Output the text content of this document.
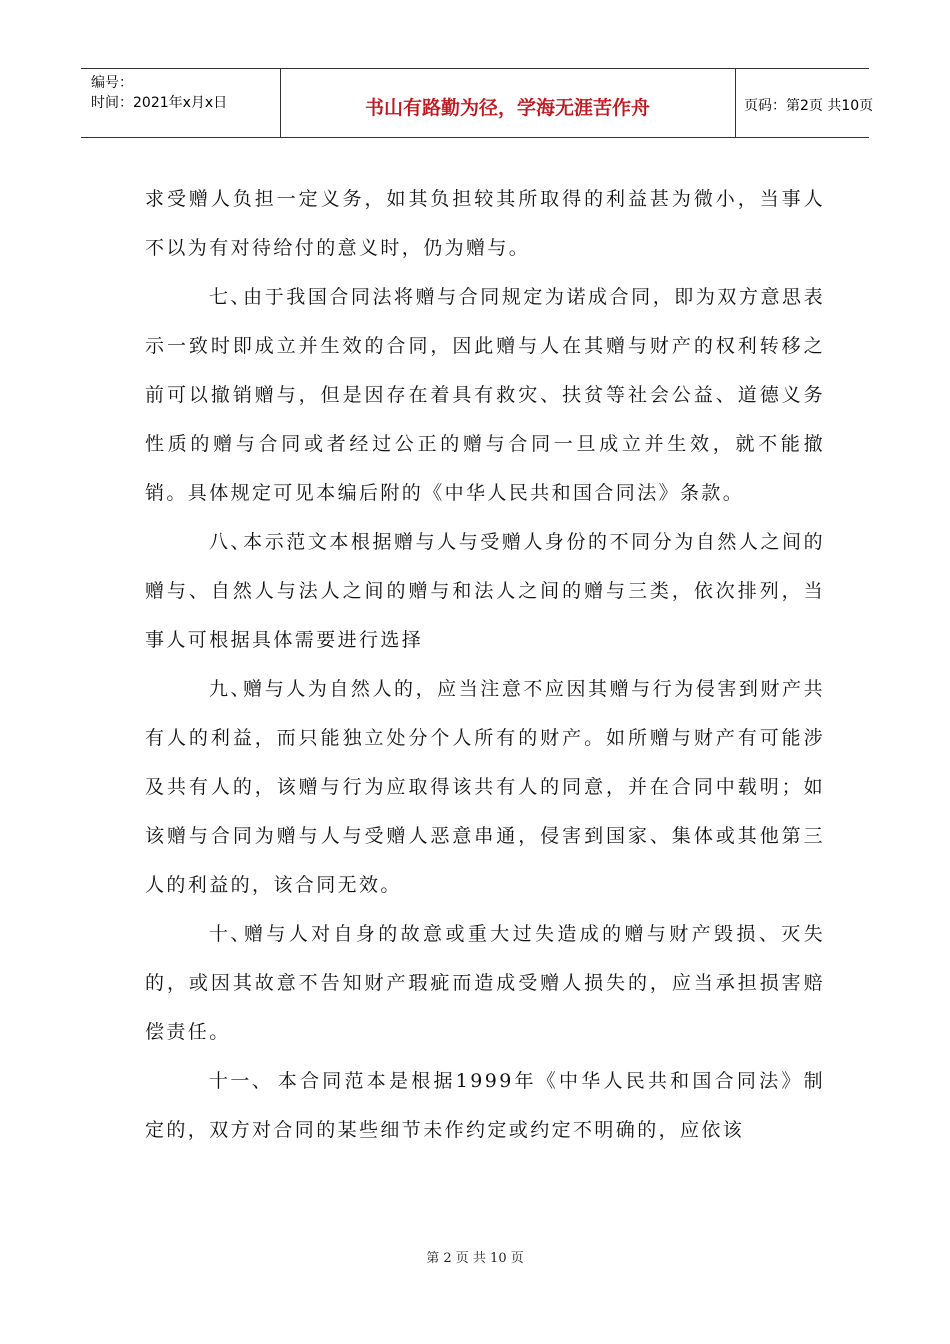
编号：
时间：2021年x月x日	书山有路勤为径，学海无涯苦作舟	页码：第2页 共10页

求受赠人负担一定义务，如其负担较其所取得的利益甚为微小，当事人不以为有对待给付的意义时，仍为赠与。

七、由于我国合同法将赠与合同规定为诺成合同，即为双方意思表示一致时即成立并生效的合同，因此赠与人在其赠与财产的权利转移之前可以撤销赠与，但是因存在着具有救灾、扶贫等社会公益、道德义务性质的赠与合同或者经过公正的赠与合同一旦成立并生效，就不能撤销。具体规定可见本编后附的《中华人民共和国合同法》条款。

八、本示范文本根据赠与人与受赠人身份的不同分为自然人之间的赠与、自然人与法人之间的赠与和法人之间的赠与三类，依次排列，当事人可根据具体需要进行选择

九、赠与人为自然人的，应当注意不应因其赠与行为侵害到财产共有人的利益，而只能独立处分个人所有的财产。如所赠与财产有可能涉及共有人的，该赠与行为应取得该共有人的同意，并在合同中载明；如该赠与合同为赠与人与受赠人恶意串通，侵害到国家、集体或其他第三人的利益的，该合同无效。

十、赠与人对自身的故意或重大过失造成的赠与财产毁损、灭失的，或因其故意不告知财产瑕疵而造成受赠人损失的，应当承担损害赔偿责任。

十一、 本合同范本是根据1999年《中华人民共和国合同法》制定的，双方对合同的某些细节未作约定或约定不明确的，应依该

第 2 页 共 10 页
